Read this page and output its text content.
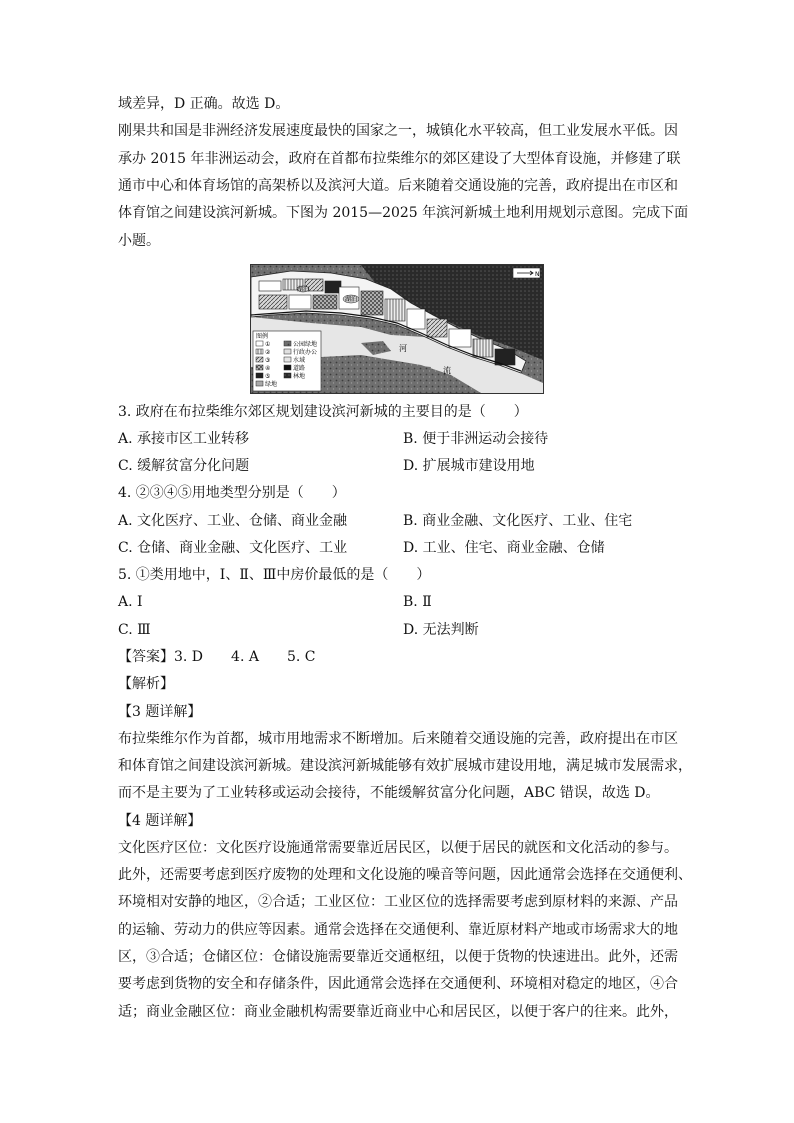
域差异，D 正确。故选 D。
刚果共和国是非洲经济发展速度最快的国家之一，城镇化水平较高，但工业发展水平低。因
承办 2015 年非洲运动会，政府在首都布拉柴维尔的郊区建设了大型体育设施，并修建了联
通市中心和体育场馆的高架桥以及滨河大道。后来随着交通设施的完善，政府提出在市区和
体育馆之间建设滨河新城。下图为 2015—2025 年滨河新城土地利用规划示意图。完成下面
小题。
图例
①
②
③
④
⑤
公园绿地
行政办公
水域
道路
林地
绿地
N
湖泊
湖泊
河
流
3. 政府在布拉柴维尔郊区规划建设滨河新城的主要目的是（　　）
A. 承接市区工业转移	B. 便于非洲运动会接待
C. 缓解贫富分化问题	D. 扩展城市建设用地
4. ②③④⑤用地类型分别是（　　）
A. 文化医疗、工业、仓储、商业金融	B. 商业金融、文化医疗、工业、住宅
C. 仓储、商业金融、文化医疗、工业	D. 工业、住宅、商业金融、仓储
5. ①类用地中，Ⅰ、Ⅱ、Ⅲ中房价最低的是（　　）
A. Ⅰ	B. Ⅱ
C. Ⅲ	D. 无法判断
【答案】3. D　　4. A　　5. C
【解析】
【3 题详解】
布拉柴维尔作为首都，城市用地需求不断增加。后来随着交通设施的完善，政府提出在市区
和体育馆之间建设滨河新城。建设滨河新城能够有效扩展城市建设用地，满足城市发展需求，
而不是主要为了工业转移或运动会接待，不能缓解贫富分化问题，ABC 错误，故选 D。
【4 题详解】
文化医疗区位：文化医疗设施通常需要靠近居民区，以便于居民的就医和文化活动的参与。
此外，还需要考虑到医疗废物的处理和文化设施的噪音等问题，因此通常会选择在交通便利、
环境相对安静的地区，②合适；工业区位：工业区位的选择需要考虑到原材料的来源、产品
的运输、劳动力的供应等因素。通常会选择在交通便利、靠近原材料产地或市场需求大的地
区，③合适；仓储区位：仓储设施需要靠近交通枢纽，以便于货物的快速进出。此外，还需
要考虑到货物的安全和存储条件，因此通常会选择在交通便利、环境相对稳定的地区，④合
适；商业金融区位：商业金融机构需要靠近商业中心和居民区，以便于客户的往来。此外，
